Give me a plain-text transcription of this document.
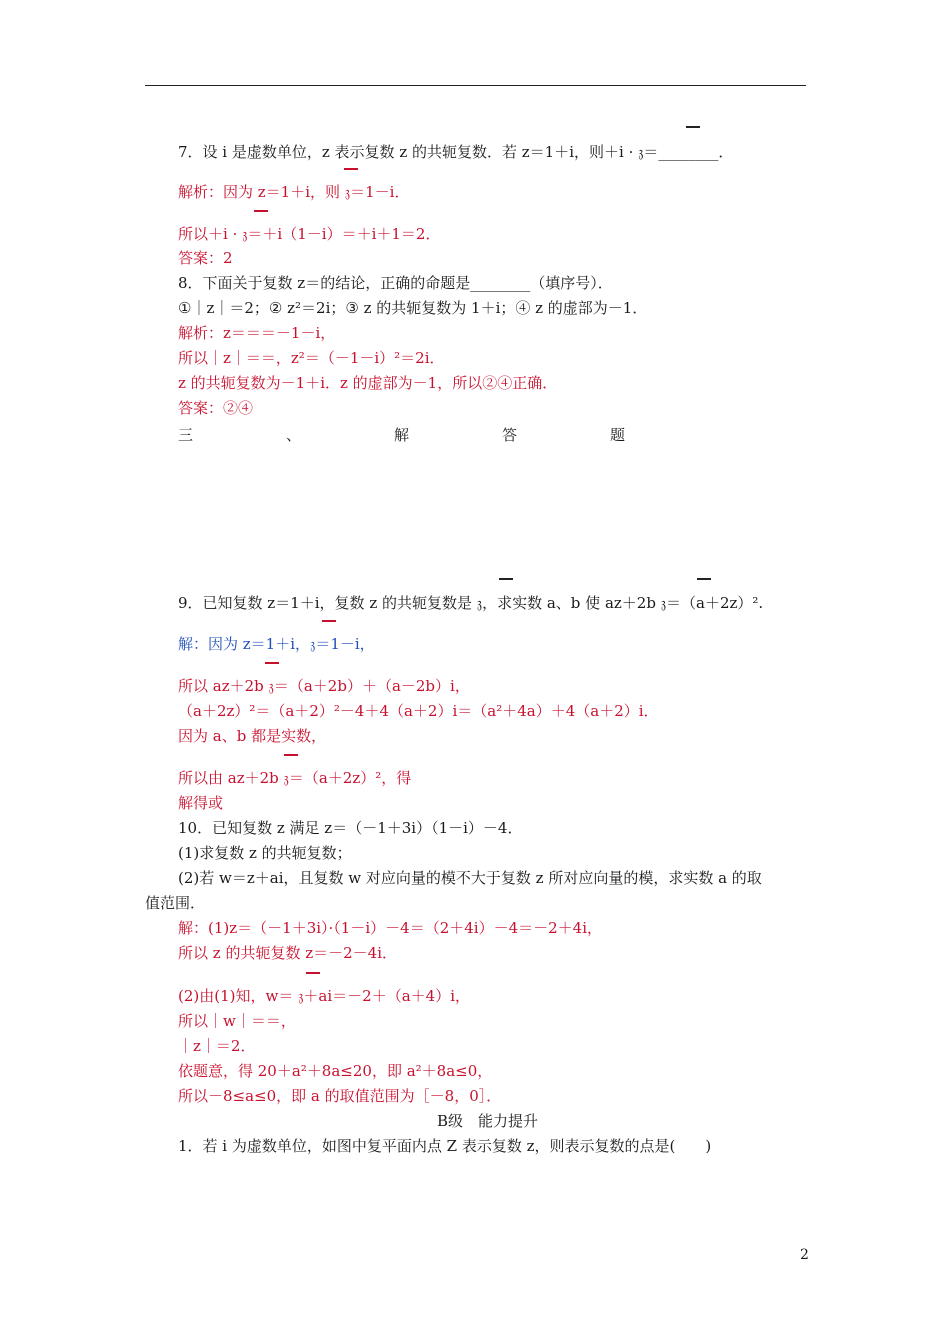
7．设 i 是虚数单位，z 表示复数 z 的共轭复数．若 z＝1＋i，则＋i · 𝔷＝________．
解析：因为 z＝1＋i，则 𝔷＝1－i．
所以＋i · 𝔷＝＋i（1－i）＝＋i＋1＝2．
答案：2
8．下面关于复数 z＝的结论，正确的命题是________（填序号）．
①｜z｜＝2；② z²＝2i；③ z 的共轭复数为 1＋i；④ z 的虚部为－1．
解析：z＝＝＝－1－i，
所以｜z｜＝＝，z²＝（－1－i）²＝2i．
z 的共轭复数为－1＋i．z 的虚部为－1，所以②④正确．
答案：②④
三	、	解	答	题
9．已知复数 z＝1＋i，复数 z 的共轭复数是 𝔷，求实数 a、b 使 az＋2b 𝔷＝（a＋2z）².
解：因为 z＝1＋i，𝔷＝1－i，
所以 az＋2b 𝔷＝（a＋2b）＋（a－2b）i，
（a＋2z）²＝（a＋2）²－4＋4（a＋2）i＝（a²＋4a）＋4（a＋2）i．
因为 a、b 都是实数，
所以由 az＋2b 𝔷＝（a＋2z）²，得
解得或
10．已知复数 z 满足 z＝（－1＋3i）（1－i）－4．
(1)求复数 z 的共轭复数；
(2)若 w＝z＋ai，且复数 w 对应向量的模不大于复数 z 所对应向量的模，求实数 a 的取
值范围．
解：(1)z＝（－1＋3i）·（1－i）－4＝（2＋4i）－4＝－2＋4i，
所以 z 的共轭复数 z＝－2－4i．
(2)由(1)知，w＝ 𝔷＋ai＝－2＋（a＋4）i，
所以｜w｜＝＝，
｜z｜＝2．
依题意，得 20＋a²＋8a≤20，即 a²＋8a≤0，
所以－8≤a≤0，即 a 的取值范围为［－8，0］．
B级　能力提升
1．若 i 为虚数单位，如图中复平面内点 Z 表示复数 z，则表示复数的点是(　　)
2
